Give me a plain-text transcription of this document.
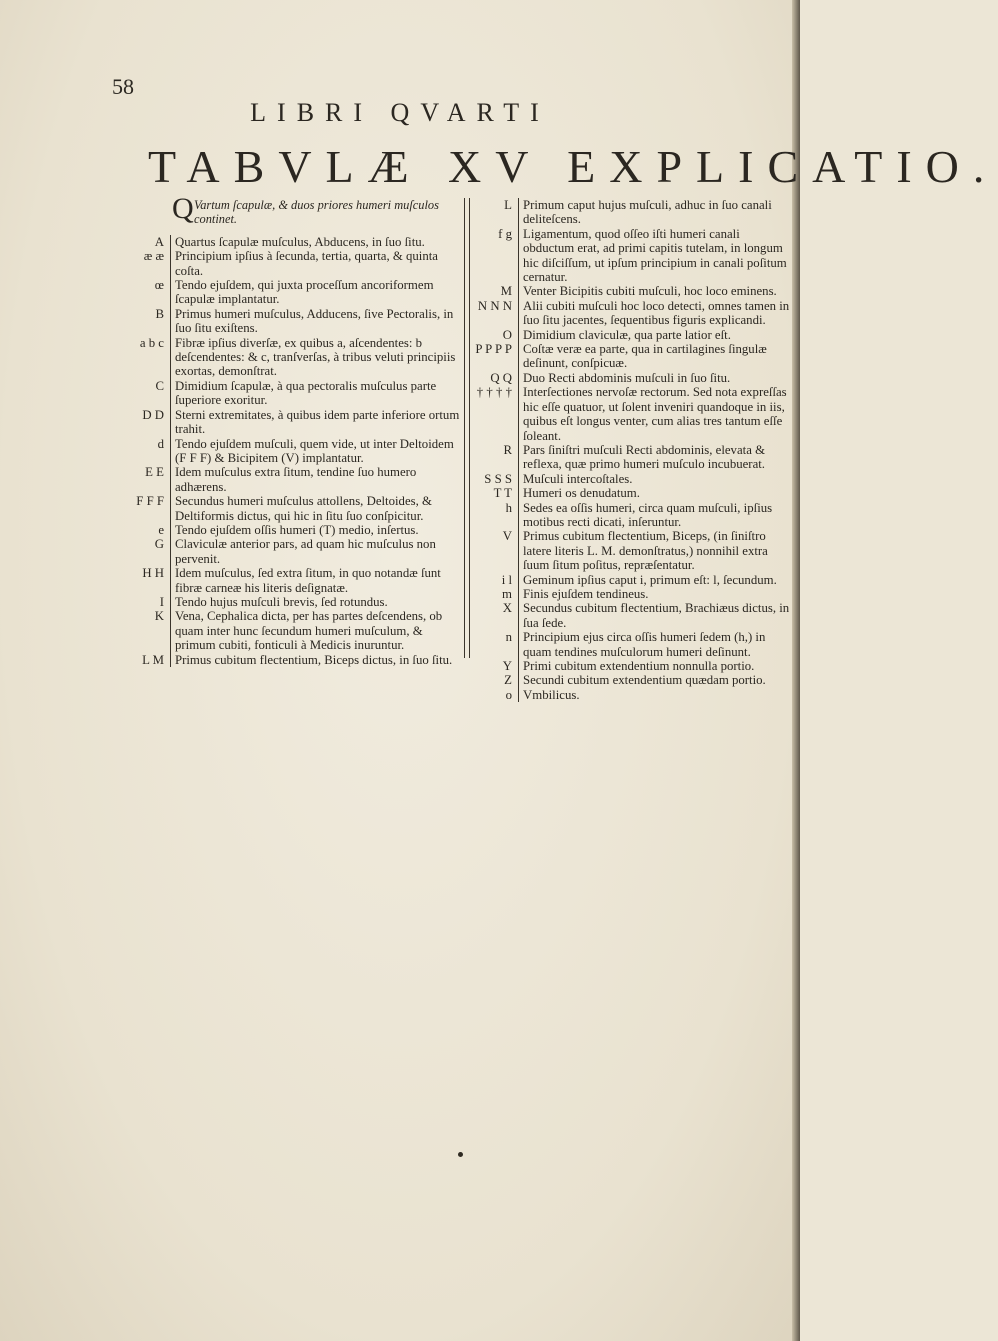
58
LIBRI QVARTI
TABVLÆ XV EXPLICATIO.
Q Vartum ſcapulæ, & duos priores humeri muſculos continet.
A Quartus ſcapulæ muſculus, Abducens, in ſuo ſitu.
æ æ Principium ipſius à ſecunda, tertia, quarta, & quinta coſta.
œ Tendo ejuſdem, qui juxta proceſſum ancoriformem ſcapulæ implantatur.
B Primus humeri muſculus, Adducens, ſive Pectoralis, in ſuo ſitu exiſtens.
a b c Fibræ ipſius diverſæ, ex quibus a, aſcendentes: b deſcendentes: & c, tranſverſas, à tribus veluti principiis exortas, demonſtrat.
C Dimidium ſcapulæ, à qua pectoralis muſculus parte ſuperiore exoritur.
D D Sterni extremitates, à quibus idem parte inferiore ortum trahit.
d Tendo ejuſdem muſculi, quem vide, ut inter Deltoidem (F F F) & Bicipitem (V) implantatur.
E E Idem muſculus extra ſitum, tendine ſuo humero adhærens.
F F F Secundus humeri muſculus attollens, Deltoides, & Deltiformis dictus, qui hic in ſitu ſuo conſpicitur.
e Tendo ejuſdem oſſis humeri (T) medio, inſertus.
G Claviculæ anterior pars, ad quam hic muſculus non pervenit.
H H Idem muſculus, ſed extra ſitum, in quo notandæ ſunt fibræ carneæ his literis deſignatæ.
I Tendo hujus muſculi brevis, ſed rotundus.
K Vena, Cephalica dicta, per has partes deſcendens, ob quam inter hunc ſecundum humeri muſculum, & primum cubiti, fonticuli à Medicis inuruntur.
L M Primus cubitum flectentium, Biceps dictus, in ſuo ſitu.
L Primum caput hujus muſculi, adhuc in ſuo canali deliteſcens.
f g Ligamentum, quod oſſeo iſti humeri canali obductum erat, ad primi capitis tutelam, in longum hic diſciſſum, ut ipſum principium in canali poſitum cernatur.
M Venter Bicipitis cubiti muſculi, hoc loco eminens.
N N N Alii cubiti muſculi hoc loco detecti, omnes tamen in ſuo ſitu jacentes, ſequentibus figuris explicandi.
O Dimidium claviculæ, qua parte latior eſt.
P P P P Coſtæ veræ ea parte, qua in cartilagines ſingulæ deſinunt, conſpicuæ.
Q Q Duo Recti abdominis muſculi in ſuo ſitu.
† † † † Interſectiones nervoſæ rectorum. Sed nota expreſſas hic eſſe quatuor, ut ſolent inveniri quandoque in iis, quibus eſt longus venter, cum alias tres tantum eſſe ſoleant.
R Pars ſiniſtri muſculi Recti abdominis, elevata & reflexa, quæ primo humeri muſculo incubuerat.
S S S Muſculi intercoſtales.
T T Humeri os denudatum.
h Sedes ea oſſis humeri, circa quam muſculi, ipſius motibus recti dicati, inſeruntur.
V Primus cubitum flectentium, Biceps, (in ſiniſtro latere literis L. M. demonſtratus,) nonnihil extra ſuum ſitum poſitus, repræſentatur.
i l Geminum ipſius caput i, primum eſt: l, ſecundum.
m Finis ejuſdem tendineus.
X Secundus cubitum flectentium, Brachiæus dictus, in ſua ſede.
n Principium ejus circa oſſis humeri ſedem (h,) in quam tendines muſculorum humeri deſinunt.
Y Primi cubitum extendentium nonnulla portio.
Z Secundi cubitum extendentium quædam portio.
o Vmbilicus.
